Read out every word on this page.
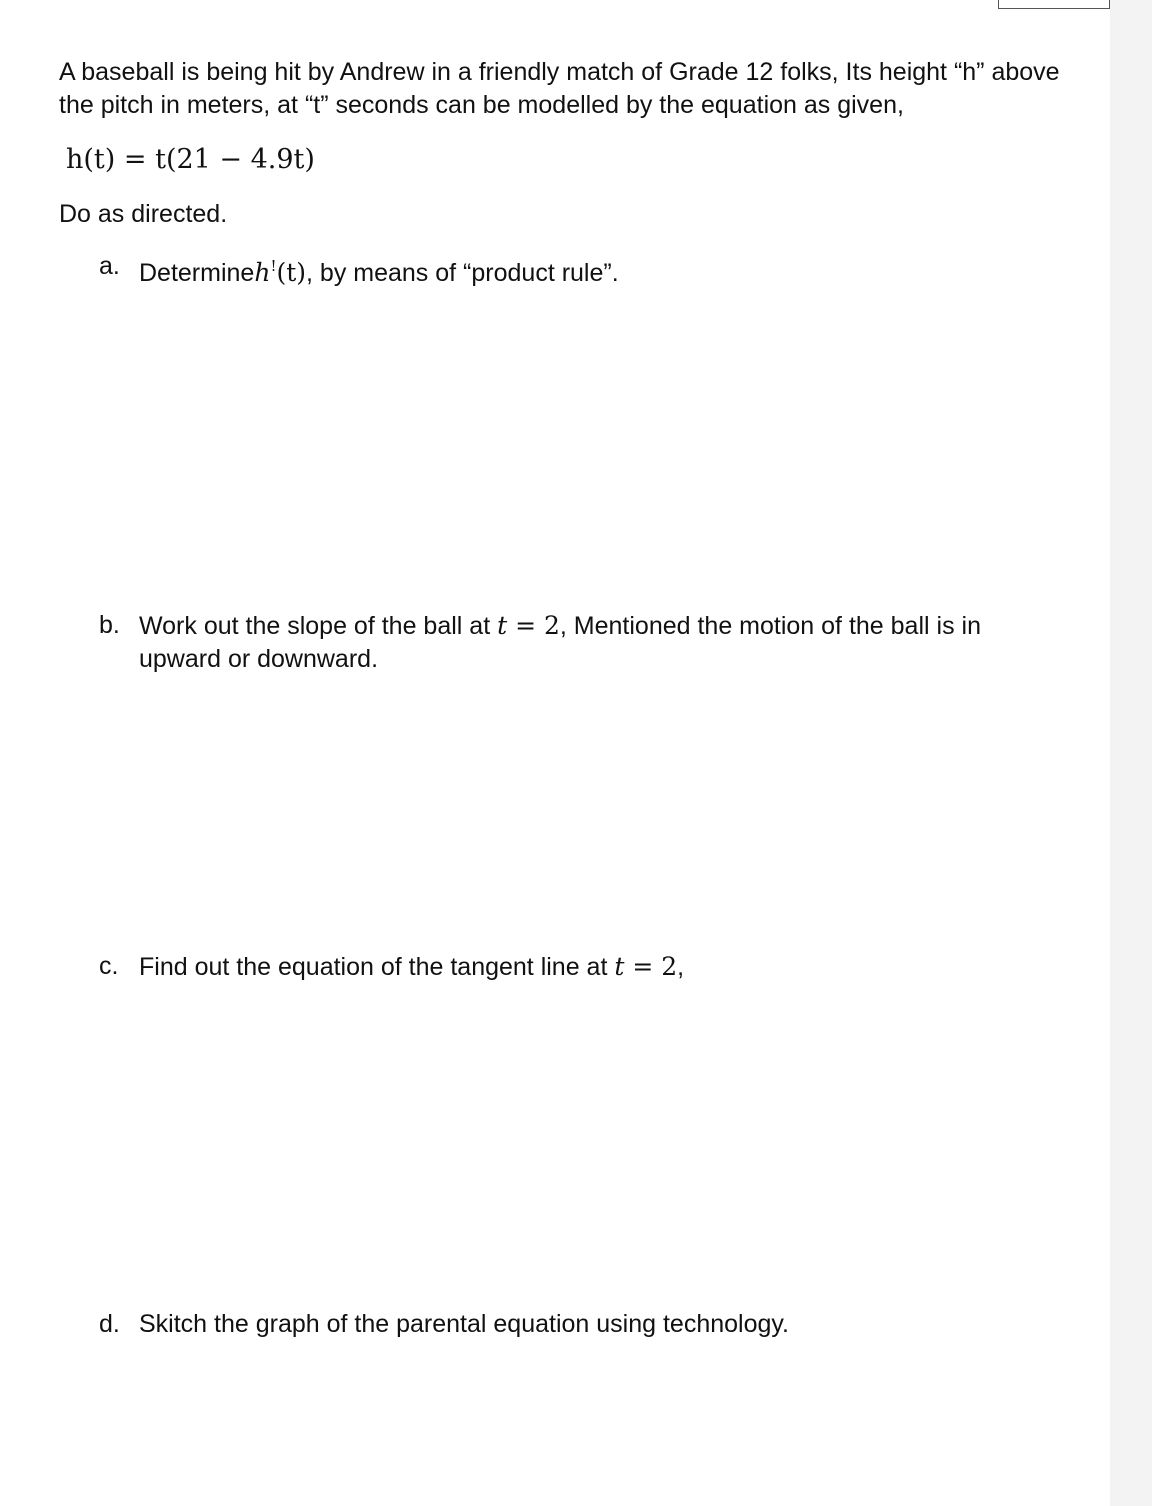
A baseball is being hit by Andrew in a friendly match of Grade 12 folks, Its height “h” above the pitch in meters, at “t” seconds can be modelled by the equation as given,

h(t) = t(21 − 4.9t)
Do as directed.
a. Determineh!(t), by means of “product rule”.
b. Work out the slope of the ball at t = 2, Mentioned the motion of the ball is in upward or downward.
c. Find out the equation of the tangent line at t = 2,
d. Skitch the graph of the parental equation using technology.
